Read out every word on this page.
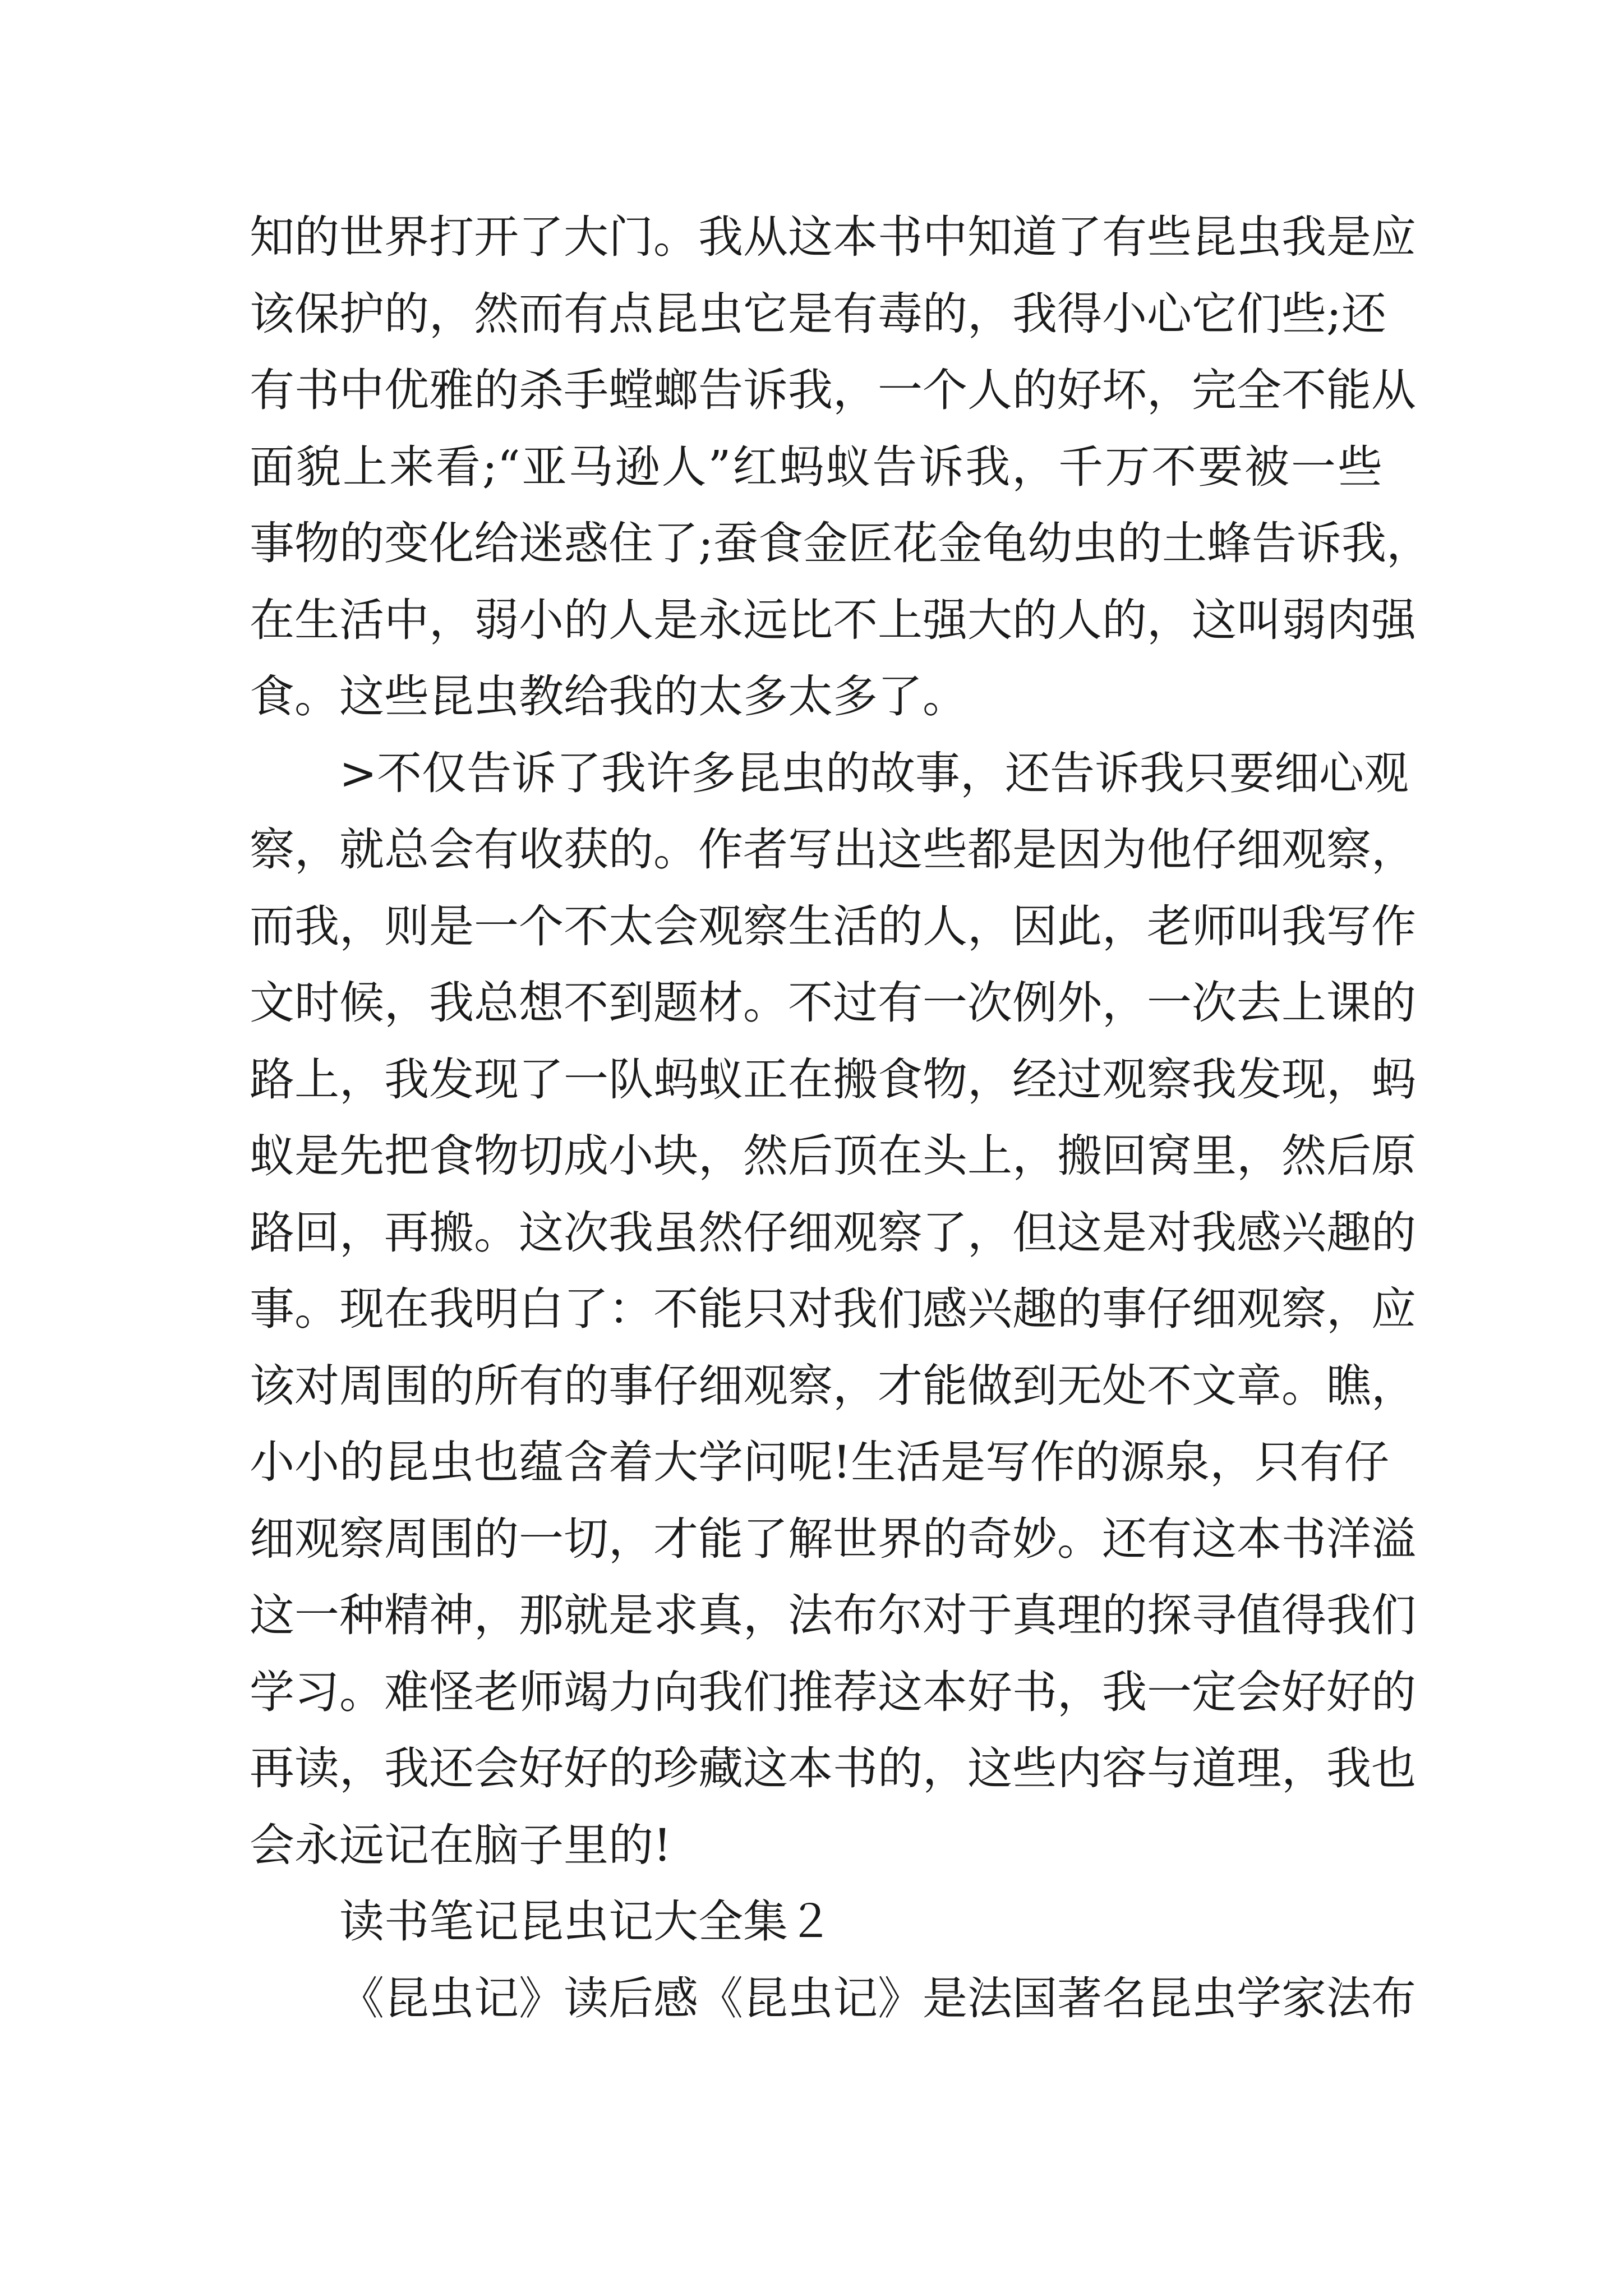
知的世界打开了大门。我从这本书中知道了有些昆虫我是应
该保护的，然而有点昆虫它是有毒的，我得小心它们些;还
有书中优雅的杀手螳螂告诉我，一个人的好坏，完全不能从
面貌上来看;“亚马逊人”红蚂蚁告诉我，千万不要被一些
事物的变化给迷惑住了;蚕食金匠花金龟幼虫的土蜂告诉我，
在生活中，弱小的人是永远比不上强大的人的，这叫弱肉强
食。这些昆虫教给我的太多太多了。
>不仅告诉了我许多昆虫的故事，还告诉我只要细心观
察，就总会有收获的。作者写出这些都是因为他仔细观察，
而我，则是一个不太会观察生活的人，因此，老师叫我写作
文时候，我总想不到题材。不过有一次例外，一次去上课的
路上，我发现了一队蚂蚁正在搬食物，经过观察我发现，蚂
蚁是先把食物切成小块，然后顶在头上，搬回窝里，然后原
路回，再搬。这次我虽然仔细观察了，但这是对我感兴趣的
事。现在我明白了：不能只对我们感兴趣的事仔细观察，应
该对周围的所有的事仔细观察，才能做到无处不文章。瞧，
小小的昆虫也蕴含着大学问呢!生活是写作的源泉，只有仔
细观察周围的一切，才能了解世界的奇妙。还有这本书洋溢
这一种精神，那就是求真，法布尔对于真理的探寻值得我们
学习。难怪老师竭力向我们推荐这本好书，我一定会好好的
再读，我还会好好的珍藏这本书的，这些内容与道理，我也
会永远记在脑子里的!
读书笔记昆虫记大全集２
《昆虫记》读后感《昆虫记》是法国著名昆虫学家法布
